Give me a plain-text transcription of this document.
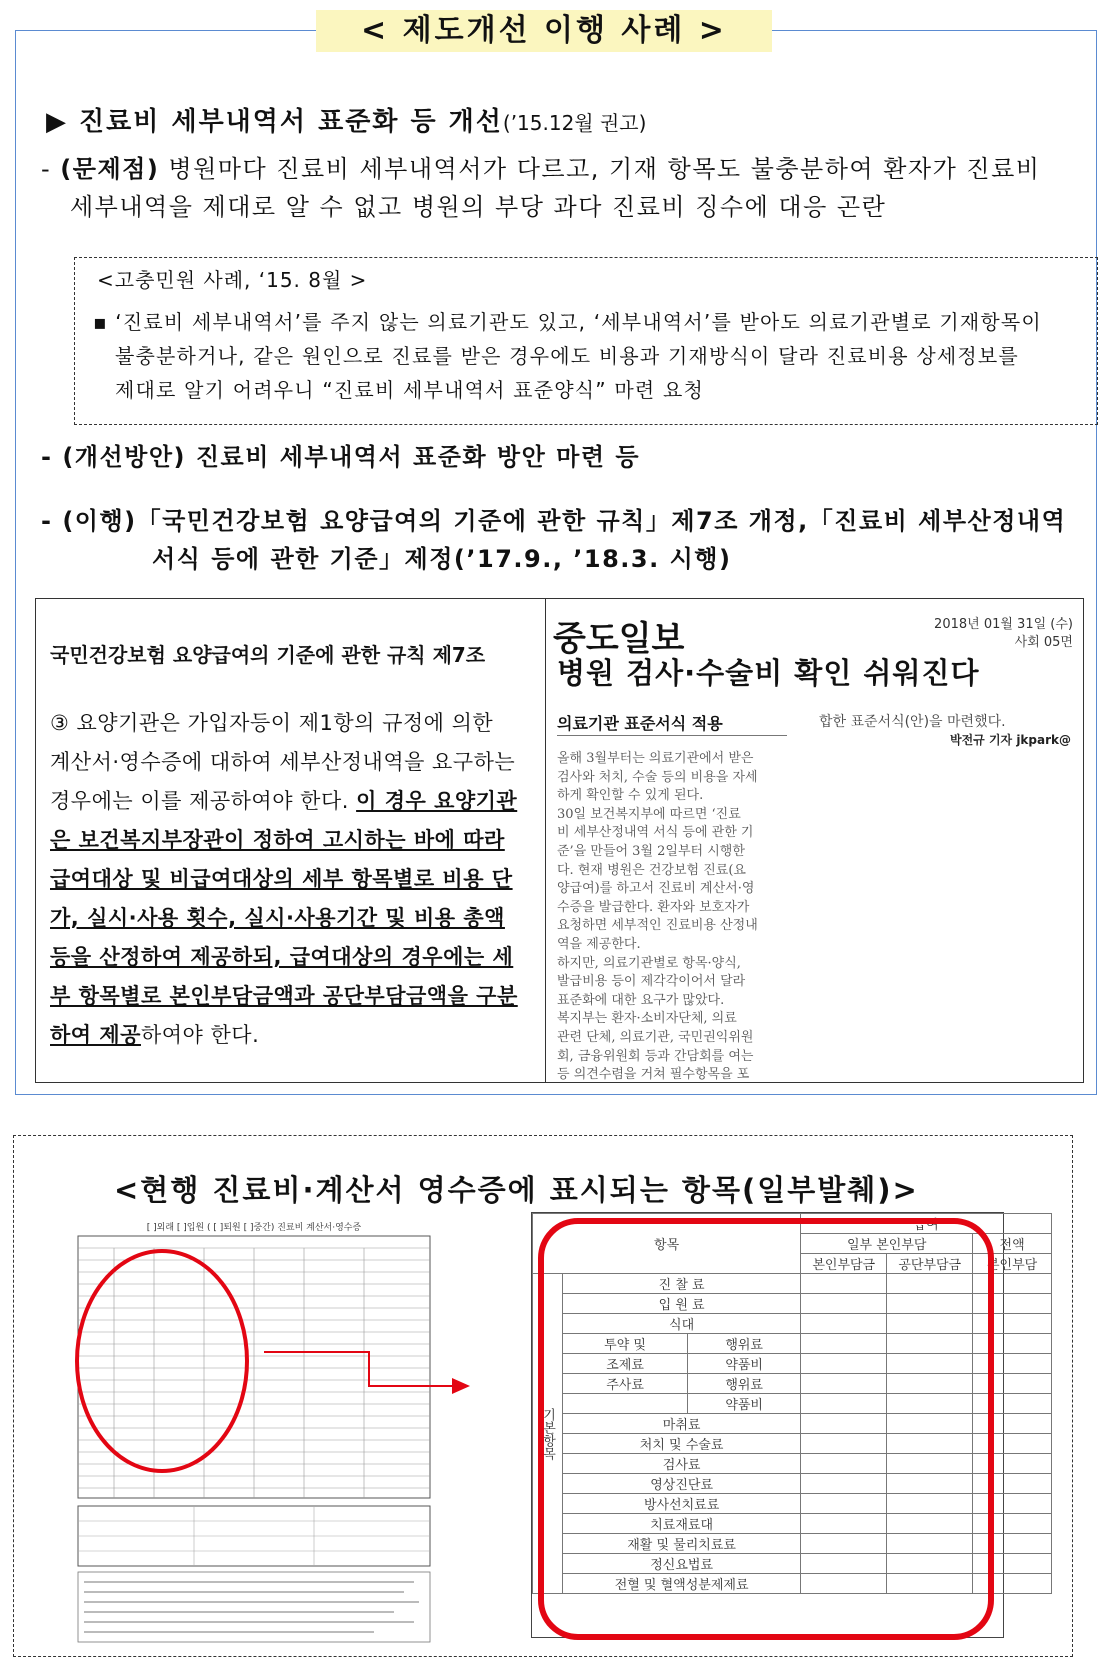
< 제도개선 이행 사례 >
▶ 진료비 세부내역서 표준화 등 개선(’15.12월 권고)
- (문제점) 병원마다 진료비 세부내역서가 다르고, 기재 항목도 불충분하여 환자가 진료비
세부내역을 제대로 알 수 없고 병원의 부당 과다 진료비 징수에 대응 곤란
<고충민원 사례, ‘15. 8월 >
▪ ‘진료비 세부내역서’를 주지 않는 의료기관도 있고, ‘세부내역서’를 받아도 의료기관별로 기재항목이
불충분하거나, 같은 원인으로 진료를 받은 경우에도 비용과 기재방식이 달라 진료비용 상세정보를
제대로 알기 어려우니 “진료비 세부내역서 표준양식” 마련 요청
- (개선방안) 진료비 세부내역서 표준화 방안 마련 등
- (이행)「국민건강보험 요양급여의 기준에 관한 규칙」제7조 개정,「진료비 세부산정내역
서식 등에 관한 기준」제정(’17.9., ’18.3. 시행)
국민건강보험 요양급여의 기준에 관한 규칙 제7조
③ 요양기관은 가입자등이 제1항의 규정에 의한
계산서·영수증에 대하여 세부산정내역을 요구하는
경우에는 이를 제공하여야 한다. 이 경우 요양기관
은 보건복지부장관이 정하여 고시하는 바에 따라
급여대상 및 비급여대상의 세부 항목별로 비용 단
가, 실시·사용 횟수, 실시·사용기간 및 비용 총액
등을 산정하여 제공하되, 급여대상의 경우에는 세
부 항목별로 본인부담금액과 공단부담금액을 구분
하여 제공하여야 한다.
중도일보	2018년 01월 31일 (수)
사회 05면
병원 검사·수술비 확인 쉬워진다
의료기관 표준서식 적용	합한 표준서식(안)을 마련했다.
박전규 기자 jkpark@
올해 3월부터는 의료기관에서 받은
검사와 처치, 수술 등의 비용을 자세
하게 확인할 수 있게 된다.
30일 보건복지부에 따르면 ‘진료
비 세부산정내역 서식 등에 관한 기
준’을 만들어 3월 2일부터 시행한
다. 현재 병원은 건강보험 진료(요
양급여)를 하고서 진료비 계산서·영
수증을 발급한다. 환자와 보호자가
요청하면 세부적인 진료비용 산정내
역을 제공한다.
하지만, 의료기관별로 항목·양식,
발급비용 등이 제각각이어서 달라
표준화에 대한 요구가 많았다.
복지부는 환자·소비자단체, 의료
관련 단체, 의료기관, 국민권익위원
회, 금융위원회 등과 간담회를 여는
등 의견수렴을 거쳐 필수항목을 포
<현행 진료비·계산서 영수증에 표시되는 항목(일부발췌)>
[ ]외래 [ ]입원 ( [ ]퇴원 [ ]중간) 진료비 계산서·영수증
항목			급여		
			일부 본인부담		전액
			본인부담금	공단부담금	본인부담
기본항목	진 찰 료				
	입 원 료				
	식대				
	투약 및	행위료			
	조제료	약품비			
	주사료	행위료			
		약품비			
	마취료				
	처치 및 수술료				
	검사료				
	영상진단료				
	방사선치료료				
	치료재료대				
	재활 및 물리치료료				
	정신요법료				
	전혈 및 혈액성분제제료				
